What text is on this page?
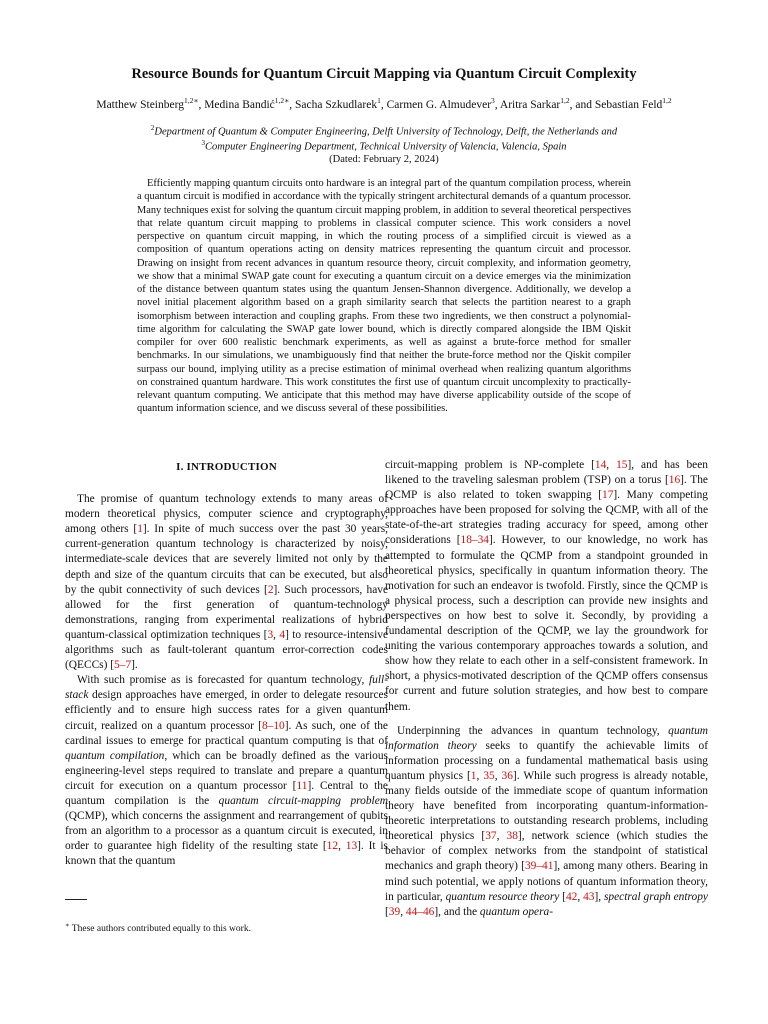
Resource Bounds for Quantum Circuit Mapping via Quantum Circuit Complexity
Matthew Steinberg$^{1,2∗}$, Medina Bandić$^{1,2∗}$, Sacha Szkudlarek$^1$, Carmen G. Almudever$^3$, Aritra Sarkar$^{1,2}$, and Sebastian Feld$^{1,2}$
$^2$Department of Quantum & Computer Engineering, Delft University of Technology, Delft, the Netherlands and
$^3$Computer Engineering Department, Technical University of Valencia, Valencia, Spain
(Dated: February 2, 2024)
Efficiently mapping quantum circuits onto hardware is an integral part of the quantum compilation process, wherein a quantum circuit is modified in accordance with the typically stringent architectural demands of a quantum processor. Many techniques exist for solving the quantum circuit mapping problem, in addition to several theoretical perspectives that relate quantum circuit mapping to problems in classical computer science. This work considers a novel perspective on quantum circuit mapping, in which the routing process of a simplified circuit is viewed as a composition of quantum operations acting on density matrices representing the quantum circuit and processor. Drawing on insight from recent advances in quantum resource theory, circuit complexity, and information geometry, we show that a minimal SWAP gate count for executing a quantum circuit on a device emerges via the minimization of the distance between quantum states using the quantum Jensen-Shannon divergence. Additionally, we develop a novel initial placement algorithm based on a graph similarity search that selects the partition nearest to a graph isomorphism between interaction and coupling graphs. From these two ingredients, we then construct a polynomial-time algorithm for calculating the SWAP gate lower bound, which is directly compared alongside the IBM Qiskit compiler for over 600 realistic benchmark experiments, as well as against a brute-force method for smaller benchmarks. In our simulations, we unambiguously find that neither the brute-force method nor the Qiskit compiler surpass our bound, implying utility as a precise estimation of minimal overhead when realizing quantum algorithms on constrained quantum hardware. This work constitutes the first use of quantum circuit uncomplexity to practically-relevant quantum computing. We anticipate that this method may have diverse applicability outside of the scope of quantum information science, and we discuss several of these possibilities.
I. INTRODUCTION

The promise of quantum technology extends to many areas of modern theoretical physics, computer science and cryptography, among others [1]. In spite of much success over the past 30 years, current-generation quantum technology is characterized by noisy, intermediate-scale devices that are severely limited not only by the depth and size of the quantum circuits that can be executed, but also by the qubit connectivity of such devices [2]. Such processors, have allowed for the first generation of quantum-technology demonstrations, ranging from experimental realizations of hybrid quantum-classical optimization techniques [3, 4] to resource-intensive algorithms such as fault-tolerant quantum error-correction codes (QECCs) [5–7].

With such promise as is forecasted for quantum technology, full-stack design approaches have emerged, in order to delegate resources efficiently and to ensure high success rates for a given quantum circuit, realized on a quantum processor [8–10]. As such, one of the cardinal issues to emerge for practical quantum computing is that of quantum compilation, which can be broadly defined as the various engineering-level steps required to translate and prepare a quantum circuit for execution on a quantum processor [11]. Central to the quantum compilation is the quantum circuit-mapping problem (QCMP), which concerns the assignment and rearrangement of qubits from an algorithm to a processor as a quantum circuit is executed, in order to guarantee high fidelity of the resulting state [12, 13]. It is known that the quantum

circuit-mapping problem is NP-complete [14, 15], and has been likened to the traveling salesman problem (TSP) on a torus [16]. The QCMP is also related to token swapping [17]. Many competing approaches have been proposed for solving the QCMP, with all of the state-of-the-art strategies trading accuracy for speed, among other considerations [18–34]. However, to our knowledge, no work has attempted to formulate the QCMP from a standpoint grounded in theoretical physics, specifically in quantum information theory. The motivation for such an endeavor is twofold. Firstly, since the QCMP is a physical process, such a description can provide new insights and perspectives on how best to solve it. Secondly, by providing a fundamental description of the QCMP, we lay the groundwork for uniting the various contemporary approaches towards a solution, and show how they relate to each other in a self-consistent framework. In short, a physics-motivated description of the QCMP offers consensus for current and future solution strategies, and how best to compare them.

Underpinning the advances in quantum technology, quantum information theory seeks to quantify the achievable limits of information processing on a fundamental mathematical basis using quantum physics [1, 35, 36]. While such progress is already notable, many fields outside of the immediate scope of quantum information theory have benefited from incorporating quantum-information-theoretic interpretations to outstanding research problems, including theoretical physics [37, 38], network science (which studies the behavior of complex networks from the standpoint of statistical mechanics and graph theory) [39–41], among many others. Bearing in mind such potential, we apply notions of quantum information theory, in particular, quantum resource theory [42, 43], spectral graph entropy [39, 44–46], and the quantum opera-

∗ These authors contributed equally to this work.
